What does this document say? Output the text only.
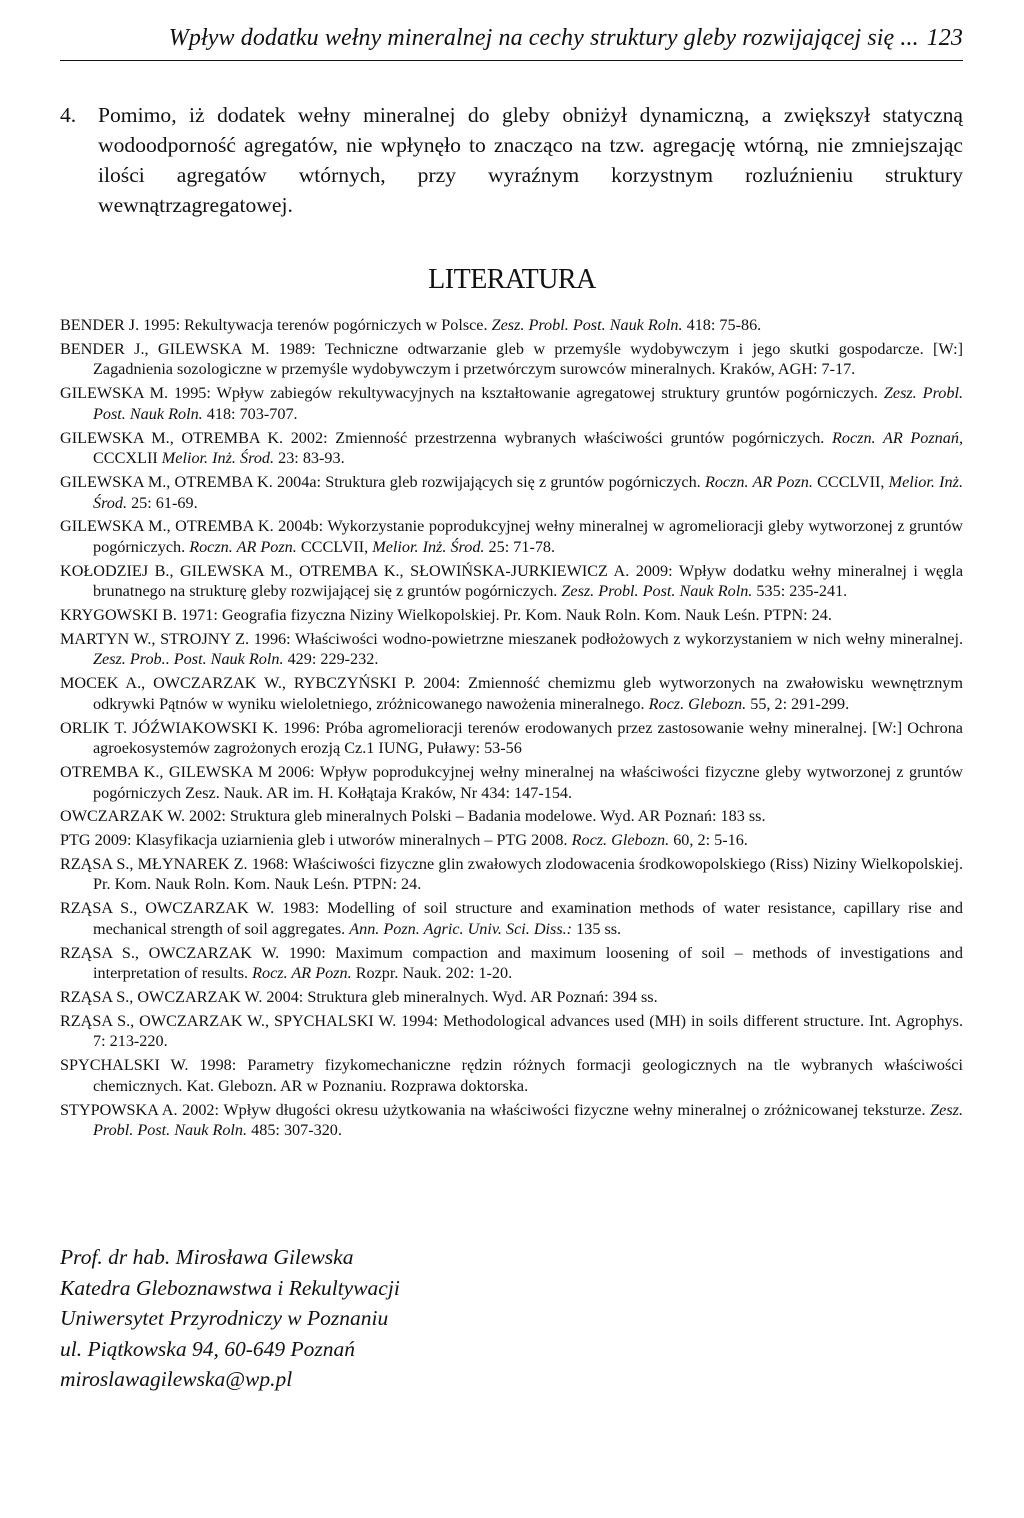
Wpływ dodatku wełny mineralnej na cechy struktury gleby rozwijającej się ... 123
4.	Pomimo, iż dodatek wełny mineralnej do gleby obniżył dynamiczną, a zwiększył statyczną wodoodporność agregatów, nie wpłynęło to znacząco na tzw. agregację wtórną, nie zmniejszając ilości agregatów wtórnych, przy wyraźnym korzystnym rozluźnieniu struktury wewnątrzagregatowej.
LITERATURA
BENDER J. 1995: Rekultywacja terenów pogórniczych w Polsce. Zesz. Probl. Post. Nauk Roln. 418: 75-86.
BENDER J., GILEWSKA M. 1989: Techniczne odtwarzanie gleb w przemyśle wydobywczym i jego skutki gospodarcze. [W:] Zagadnienia sozologiczne w przemyśle wydobywczym i przetwórczym surowców mineralnych. Kraków, AGH: 7-17.
GILEWSKA M. 1995: Wpływ zabiegów rekultywacyjnych na kształtowanie agregatowej struktury gruntów pogórniczych. Zesz. Probl. Post. Nauk Roln. 418: 703-707.
GILEWSKA M., OTREMBA K. 2002: Zmienność przestrzenna wybranych właściwości gruntów pogórniczych. Roczn. AR Poznań, CCCXLII Melior. Inż. Środ. 23: 83-93.
GILEWSKA M., OTREMBA K. 2004a: Struktura gleb rozwijających się z gruntów pogórniczych. Roczn. AR Pozn. CCCLVII, Melior. Inż. Środ. 25: 61-69.
GILEWSKA M., OTREMBA K. 2004b: Wykorzystanie poprodukcyjnej wełny mineralnej w agromelioracji gleby wytworzonej z gruntów pogórniczych. Roczn. AR Pozn. CCCLVII, Melior. Inż. Środ. 25: 71-78.
KOŁODZIEJ B., GILEWSKA M., OTREMBA K., SŁOWIŃSKA-JURKIEWICZ A. 2009: Wpływ dodatku wełny mineralnej i węgla brunatnego na strukturę gleby rozwijającej się z gruntów pogórniczych. Zesz. Probl. Post. Nauk Roln. 535: 235-241.
KRYGOWSKI B. 1971: Geografia fizyczna Niziny Wielkopolskiej. Pr. Kom. Nauk Roln. Kom. Nauk Leśn. PTPN: 24.
MARTYN W., STROJNY Z. 1996: Właściwości wodno-powietrzne mieszanek podłożowych z wykorzystaniem w nich wełny mineralnej. Zesz. Prob.. Post. Nauk Roln. 429: 229-232.
MOCEK A., OWCZARZAK W., RYBCZYŃSKI P. 2004: Zmienność chemizmu gleb wytworzonych na zwałowisku wewnętrznym odkrywki Pątnów w wyniku wieloletniego, zróżnicowanego nawożenia mineralnego. Rocz. Glebozn. 55, 2: 291-299.
ORLIK T. JÓŹWIAKOWSKI K. 1996: Próba agromelioracji terenów erodowanych przez zastosowanie wełny mineralnej. [W:] Ochrona agroekosystemów zagrożonych erozją Cz.1 IUNG, Puławy: 53-56
OTREMBA K., GILEWSKA M 2006: Wpływ poprodukcyjnej wełny mineralnej na właściwości fizyczne gleby wytworzonej z gruntów pogórniczych Zesz. Nauk. AR im. H. Kołłątaja Kraków, Nr 434: 147-154.
OWCZARZAK W. 2002: Struktura gleb mineralnych Polski – Badania modelowe. Wyd. AR Poznań: 183 ss.
PTG 2009: Klasyfikacja uziarnienia gleb i utworów mineralnych – PTG 2008. Rocz. Glebozn. 60, 2: 5-16.
RZĄSA S., MŁYNAREK Z. 1968: Właściwości fizyczne glin zwałowych zlodowacenia środkowopolskiego (Riss) Niziny Wielkopolskiej. Pr. Kom. Nauk Roln. Kom. Nauk Leśn. PTPN: 24.
RZĄSA S., OWCZARZAK W. 1983: Modelling of soil structure and examination methods of water resistance, capillary rise and mechanical strength of soil aggregates. Ann. Pozn. Agric. Univ. Sci. Diss.: 135 ss.
RZĄSA S., OWCZARZAK W. 1990: Maximum compaction and maximum loosening of soil – methods of investigations and interpretation of results. Rocz. AR Pozn. Rozpr. Nauk. 202: 1-20.
RZĄSA S., OWCZARZAK W. 2004: Struktura gleb mineralnych. Wyd. AR Poznań: 394 ss.
RZĄSA S., OWCZARZAK W., SPYCHALSKI W. 1994: Methodological advances used (MH) in soils different structure. Int. Agrophys. 7: 213-220.
SPYCHALSKI W. 1998: Parametry fizykomechaniczne rędzin różnych formacji geologicznych na tle wybranych właściwości chemicznych. Kat. Glebozn. AR w Poznaniu. Rozprawa doktorska.
STYPOWSKA A. 2002: Wpływ długości okresu użytkowania na właściwości fizyczne wełny mineralnej o zróżnicowanej teksturze. Zesz. Probl. Post. Nauk Roln. 485: 307-320.
Prof. dr hab. Mirosława Gilewska
Katedra Gleboznawstwa i Rekultywacji
Uniwersytet Przyrodniczy w Poznaniu
ul. Piątkowska 94, 60-649 Poznań
miroslawagilewska@wp.pl
